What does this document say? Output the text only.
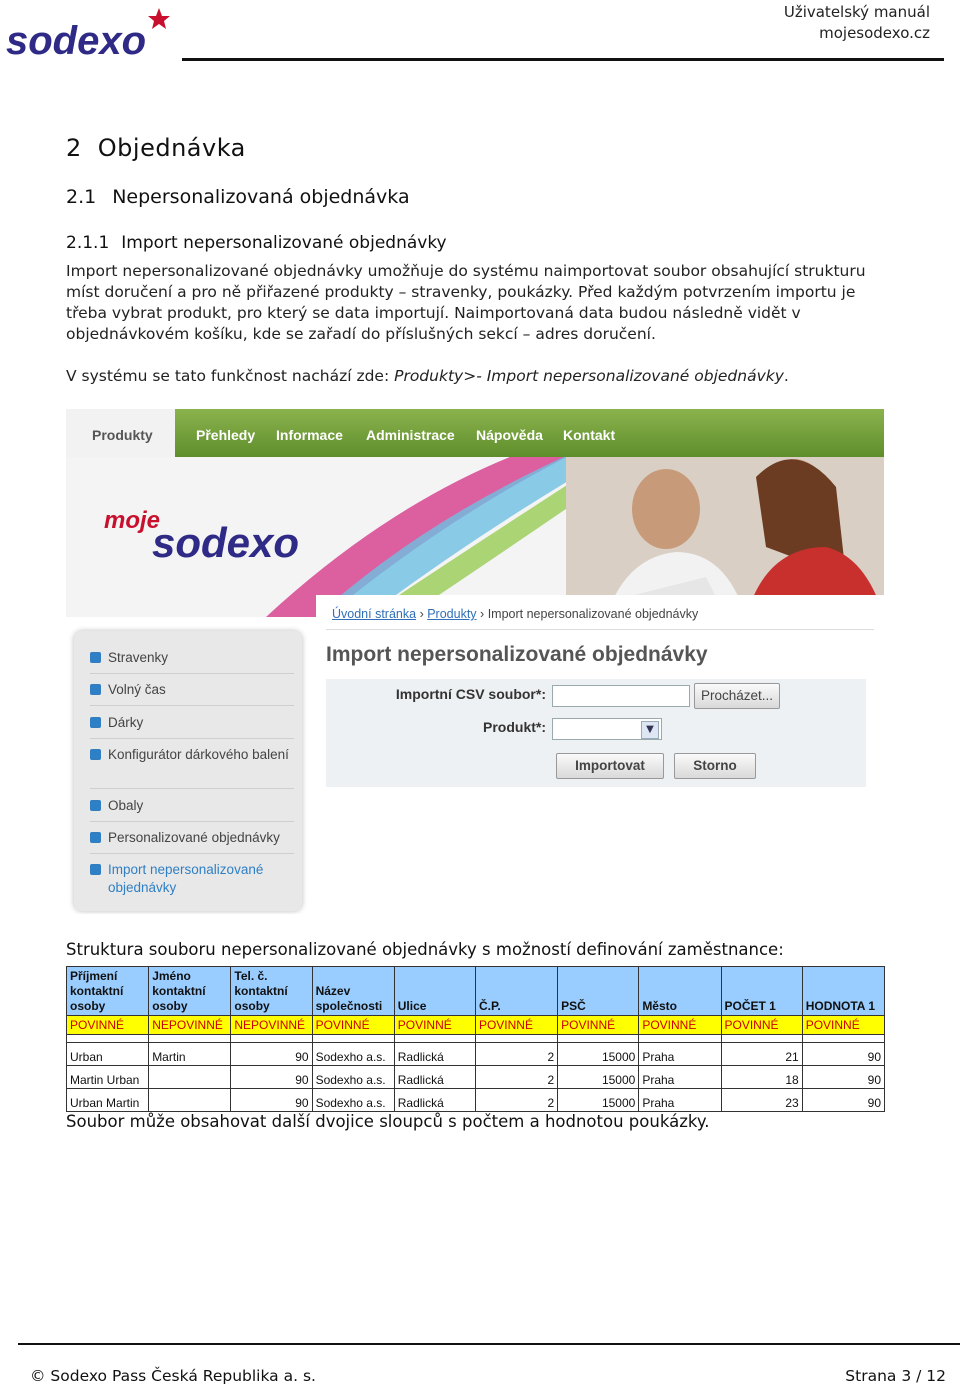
sodexo
Uživatelský manuál
mojesodexo.cz
2 Objednávka
2.1 Nepersonalizovaná objednávka
2.1.1 Import nepersonalizované objednávky
Import nepersonalizované objednávky umožňuje do systému naimportovat soubor obsahující strukturu míst doručení a pro ně přiřazené produkty – stravenky, poukázky. Před každým potvrzením importu je třeba vybrat produkt, pro který se data importují. Naimportovaná data budou následně vidět v objednávkovém košíku, kde se zařadí do příslušných sekcí – adres doručení.
V systému se tato funkčnost nachází zde: Produkty>- Import nepersonalizované objednávky.
Produkty	Přehledy Informace Administrace Nápověda Kontakt
moje
sodexo
Stravenky
Volný čas
Dárky
Konfigurátor dárkového balení
Obaly
Personalizované objednávky
Import nepersonalizované objednávky
Úvodní stránka › Produkty › Import nepersonalizované objednávky
Import nepersonalizované objednávky
Importní CSV soubor*:	Procházet...
Produkt*:	▼
Importovat	Storno
Struktura souboru nepersonalizované objednávky s možností definování zaměstnance:
Příjmení kontaktní osoby	Jméno kontaktní osoby	Tel. č. kontaktní osoby	Název společnosti	Ulice	Č.P.	PSČ	Město	POČET 1	HODNOTA 1
POVINNÉ	NEPOVINNÉ	NEPOVINNÉ	POVINNÉ	POVINNÉ	POVINNÉ	POVINNÉ	POVINNÉ	POVINNÉ	POVINNÉ

Urban	Martin	90	Sodexho a.s.	Radlická	2	15000	Praha	21	90
Martin Urban		90	Sodexho a.s.	Radlická	2	15000	Praha	18	90
Urban Martin		90	Sodexho a.s.	Radlická	2	15000	Praha	23	90
Soubor může obsahovat další dvojice sloupců s počtem a hodnotou poukázky.
© Sodexo Pass Česká Republika a. s.	Strana 3 / 12
